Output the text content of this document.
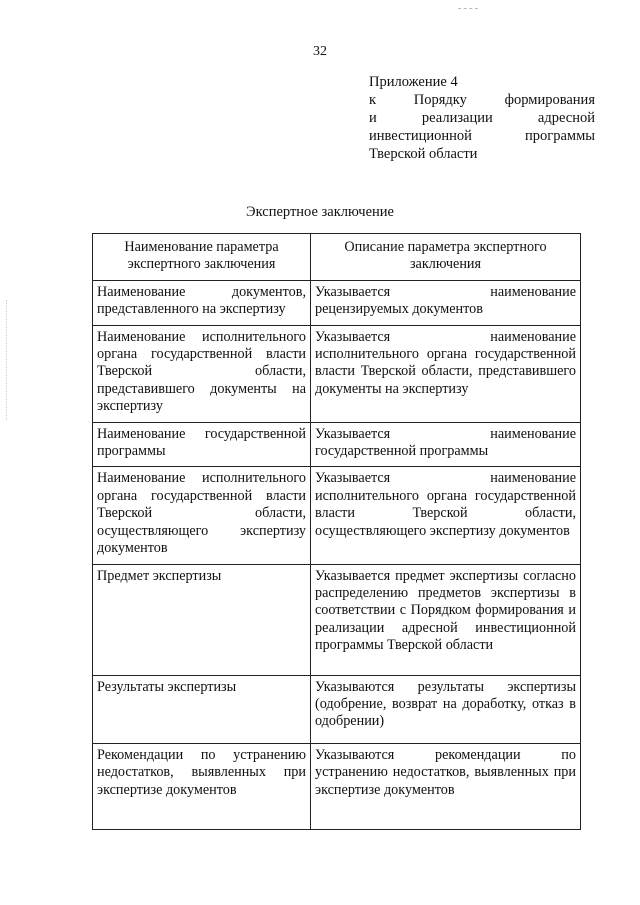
32
Приложение 4
к	Порядку	формирования
и	реализации	адресной
инвестиционной	программы
Тверской области
Экспертное заключение
Наименование параметра экспертного заключения	Описание параметра экспертного заключения
Наименование документов, представленного на экспертизу	Указывается наименование рецензируемых документов
Наименование исполнительного органа государственной власти Тверской области, представившего документы на экспертизу	Указывается наименование исполнительного органа государственной власти Тверской области, представившего документы на экспертизу
Наименование государственной программы	Указывается наименование государственной программы
Наименование исполнительного органа государственной власти Тверской области, осуществляющего экспертизу документов	Указывается наименование исполнительного органа государственной власти Тверской области, осуществляющего экспертизу документов
Предмет экспертизы	Указывается предмет экспертизы согласно распределению предметов экспертизы в соответствии с Порядком формирования и реализации адресной инвестиционной программы Тверской области
Результаты экспертизы	Указываются результаты экспертизы (одобрение, возврат на доработку, отказ в одобрении)
Рекомендации по устранению недостатков, выявленных при экспертизе документов	Указываются рекомендации по устранению недостатков, выявленных при экспертизе документов
